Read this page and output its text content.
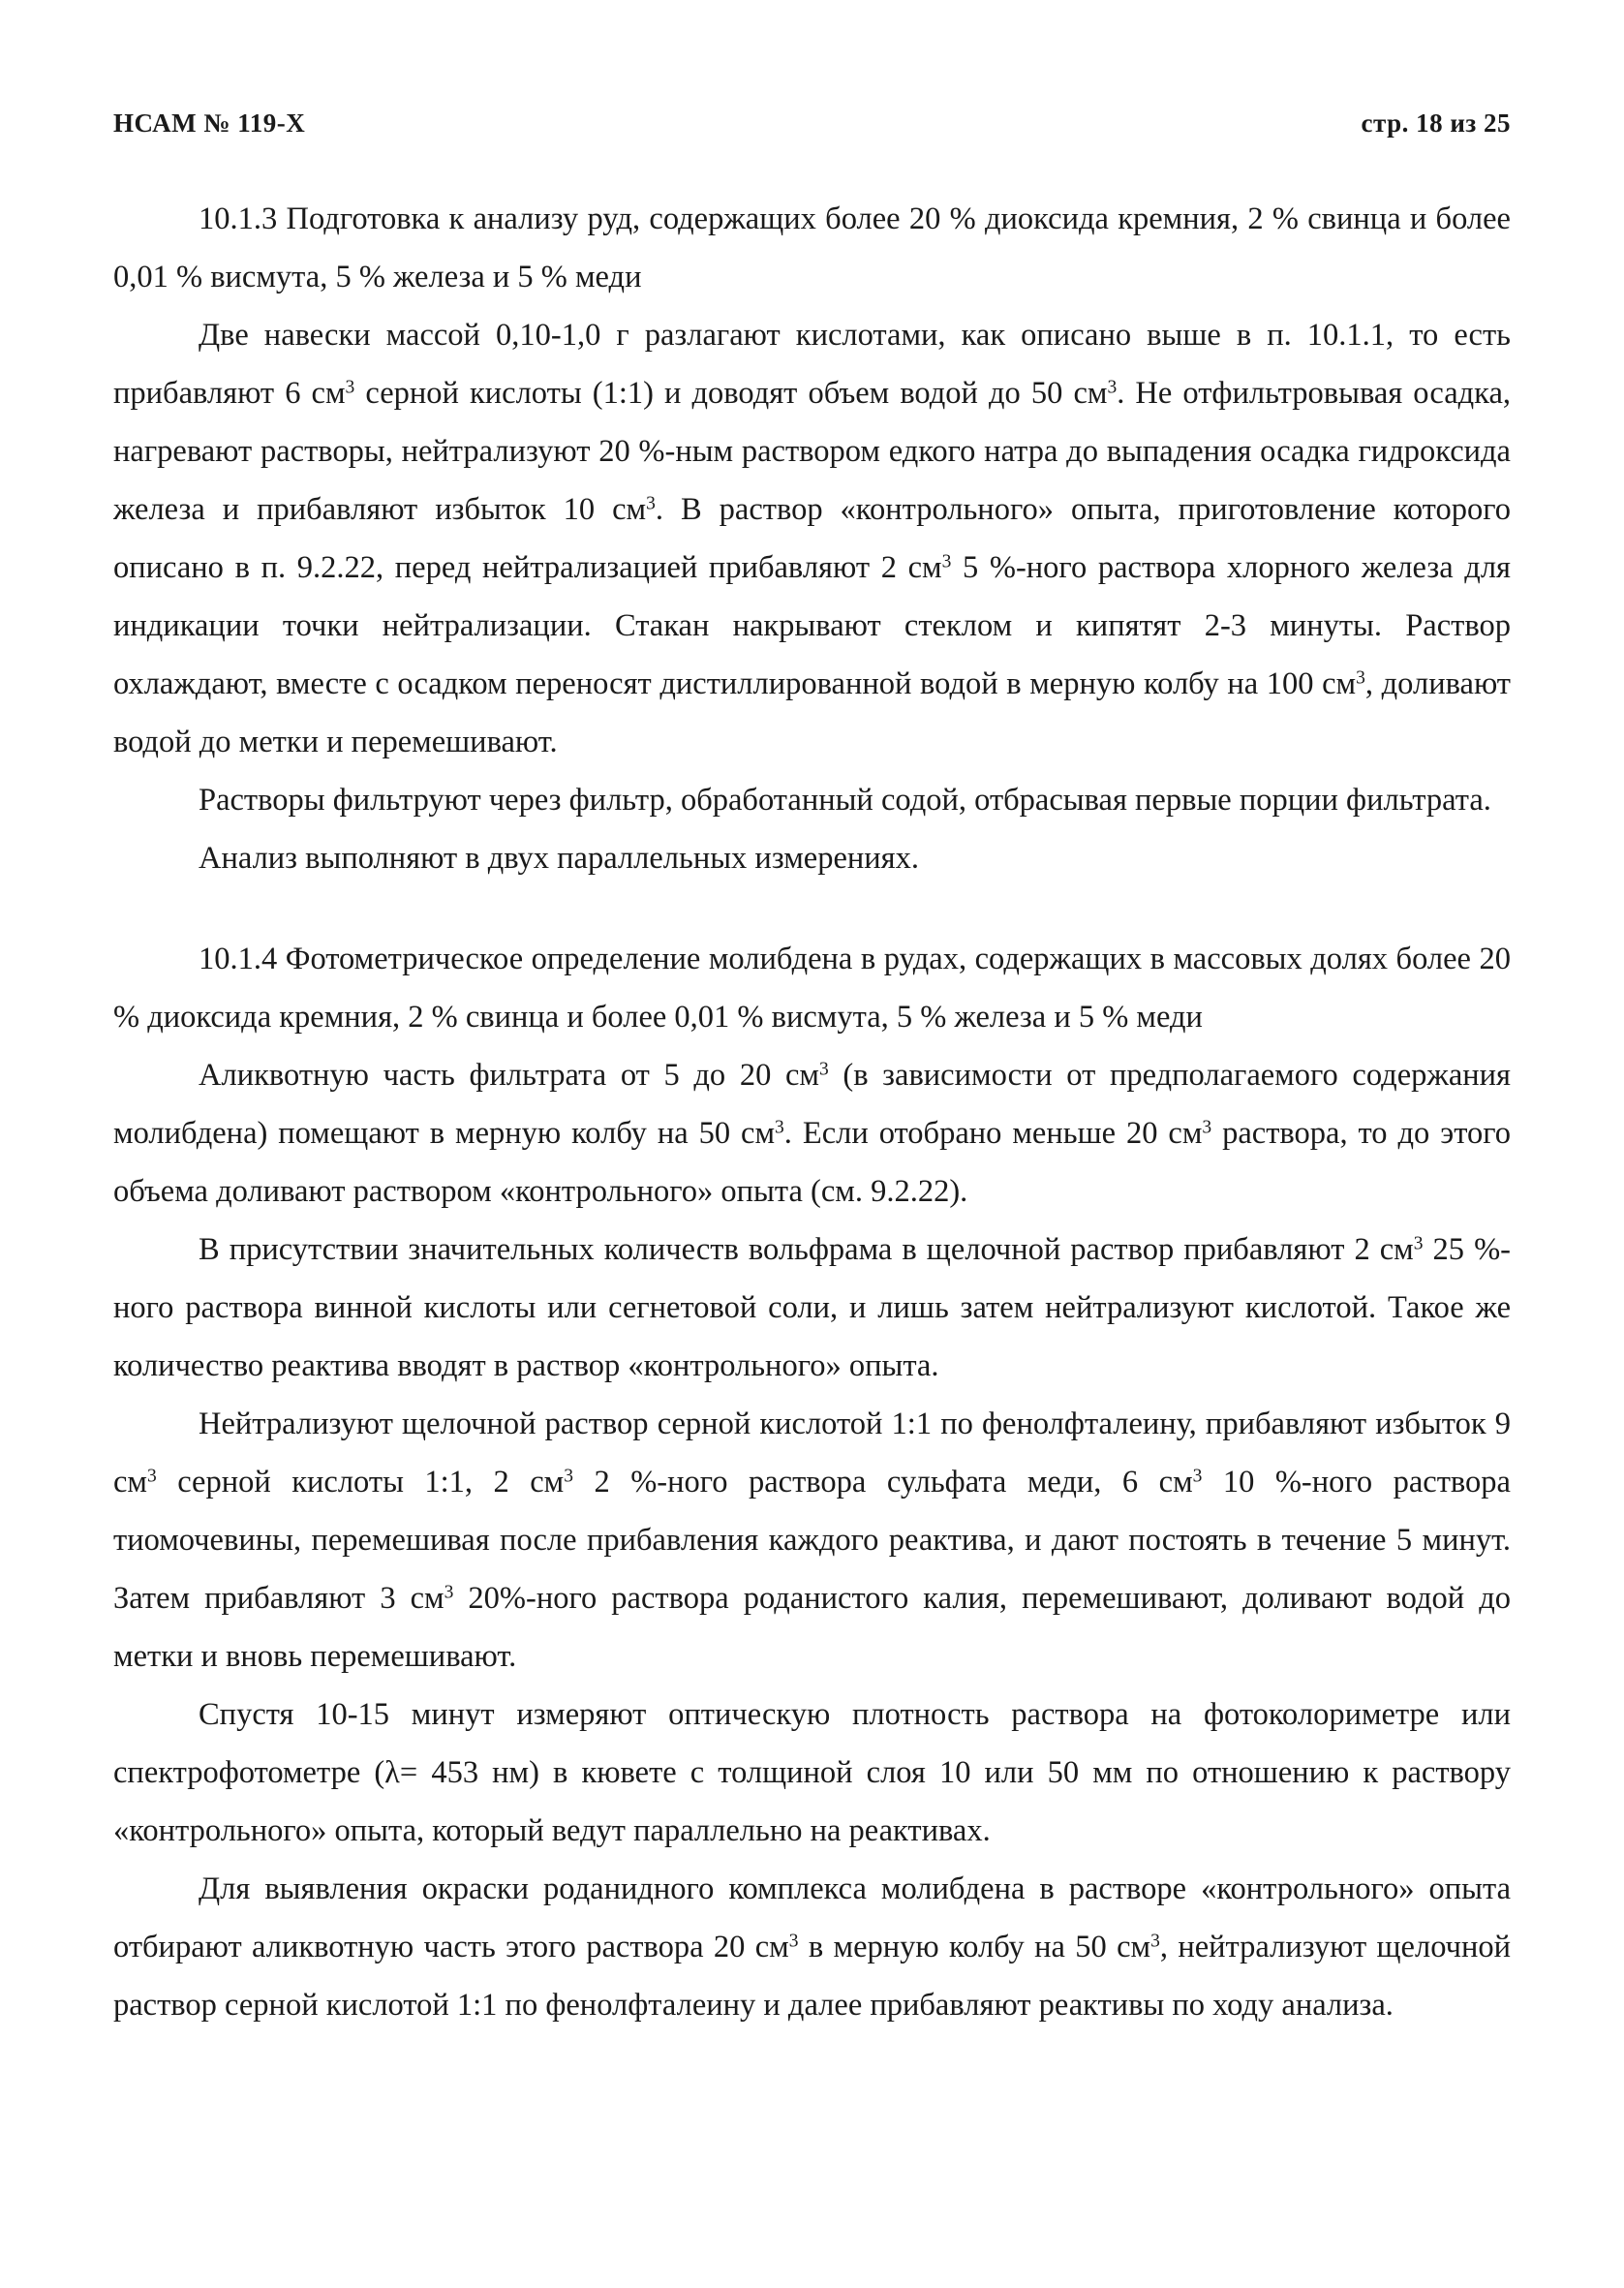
НСАМ № 119-Х	стр. 18 из 25

10.1.3 Подготовка к анализу руд, содержащих более 20 % диоксида кремния, 2 % свинца и более 0,01 % висмута, 5 % железа и 5 % меди

Две навески массой 0,10-1,0 г разлагают кислотами, как описано выше в п. 10.1.1, то есть прибавляют 6 $см^3$ серной кислоты (1:1) и доводят объем водой до 50 $см^3$. Не отфильтровывая осадка, нагревают растворы, нейтрализуют 20 %-ным раствором едкого натра до выпадения осадка гидроксида железа и прибавляют избыток 10 $см^3$. В раствор «контрольного» опыта, приготовление которого описано в п. 9.2.22, перед нейтрализацией прибавляют 2 $см^3$ 5 %-ного раствора хлорного железа для индикации точки нейтрализации. Стакан накрывают стеклом и кипятят 2-3 минуты. Раствор охлаждают, вместе с осадком переносят дистиллированной водой в мерную колбу на 100 $см^3$, доливают водой до метки и перемешивают.

Растворы фильтруют через фильтр, обработанный содой, отбрасывая первые порции фильтрата.

Анализ выполняют в двух параллельных измерениях.

10.1.4 Фотометрическое определение молибдена в рудах, содержащих в массовых долях более 20 % диоксида кремния, 2 % свинца и более 0,01 % висмута, 5 % железа и 5 % меди

Аликвотную часть фильтрата от 5 до 20 $см^3$ (в зависимости от предполагаемого содержания молибдена) помещают в мерную колбу на 50 $см^3$. Если отобрано меньше 20 $см^3$ раствора, то до этого объема доливают раствором «контрольного» опыта (см. 9.2.22).

В присутствии значительных количеств вольфрама в щелочной раствор прибавляют 2 $см^3$ 25 %-ного раствора винной кислоты или сегнетовой соли, и лишь затем нейтрализуют кислотой. Такое же количество реактива вводят в раствор «контрольного» опыта.

Нейтрализуют щелочной раствор серной кислотой 1:1 по фенолфталеину, прибавляют избыток 9 $см^3$ серной кислоты 1:1, 2 $см^3$ 2 %-ного раствора сульфата меди, 6 $см^3$ 10 %-ного раствора тиомочевины, перемешивая после прибавления каждого реактива, и дают постоять в течение 5 минут. Затем прибавляют 3 $см^3$ 20%-ного раствора роданистого калия, перемешивают, доливают водой до метки и вновь перемешивают.

Спустя 10-15 минут измеряют оптическую плотность раствора на фотоколориметре или спектрофотометре (λ= 453 нм) в кювете с толщиной слоя 10 или 50 мм по отношению к раствору «контрольного» опыта, который ведут параллельно на реактивах.

Для выявления окраски роданидного комплекса молибдена в растворе «контрольного» опыта отбирают аликвотную часть этого раствора 20 $см^3$ в мерную колбу на 50 $см^3$, нейтрализуют щелочной раствор серной кислотой 1:1 по фенолфталеину и далее прибавляют реактивы по ходу анализа.
